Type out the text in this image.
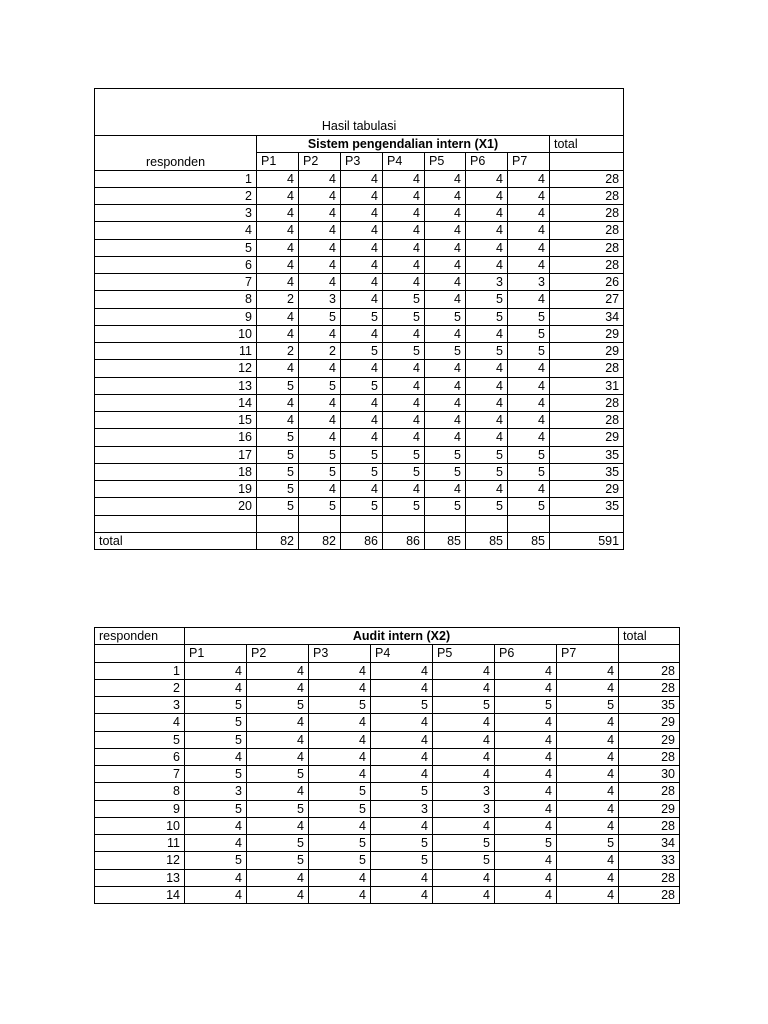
Hasil tabulasi								
responden	Sistem pengendalian intern (X1)							total
	P1	P2	P3	P4	P5	P6	P7	
1	4	4	4	4	4	4	4	28
2	4	4	4	4	4	4	4	28
3	4	4	4	4	4	4	4	28
4	4	4	4	4	4	4	4	28
5	4	4	4	4	4	4	4	28
6	4	4	4	4	4	4	4	28
7	4	4	4	4	4	3	3	26
8	2	3	4	5	4	5	4	27
9	4	5	5	5	5	5	5	34
10	4	4	4	4	4	4	5	29
11	2	2	5	5	5	5	5	29
12	4	4	4	4	4	4	4	28
13	5	5	5	4	4	4	4	31
14	4	4	4	4	4	4	4	28
15	4	4	4	4	4	4	4	28
16	5	4	4	4	4	4	4	29
17	5	5	5	5	5	5	5	35
18	5	5	5	5	5	5	5	35
19	5	4	4	4	4	4	4	29
20	5	5	5	5	5	5	5	35

total	82	82	86	86	85	85	85	591
responden	Audit intern (X2)							total
	P1	P2	P3	P4	P5	P6	P7	
1	4	4	4	4	4	4	4	28
2	4	4	4	4	4	4	4	28
3	5	5	5	5	5	5	5	35
4	5	4	4	4	4	4	4	29
5	5	4	4	4	4	4	4	29
6	4	4	4	4	4	4	4	28
7	5	5	4	4	4	4	4	30
8	3	4	5	5	3	4	4	28
9	5	5	5	3	3	4	4	29
10	4	4	4	4	4	4	4	28
11	4	5	5	5	5	5	5	34
12	5	5	5	5	5	4	4	33
13	4	4	4	4	4	4	4	28
14	4	4	4	4	4	4	4	28
